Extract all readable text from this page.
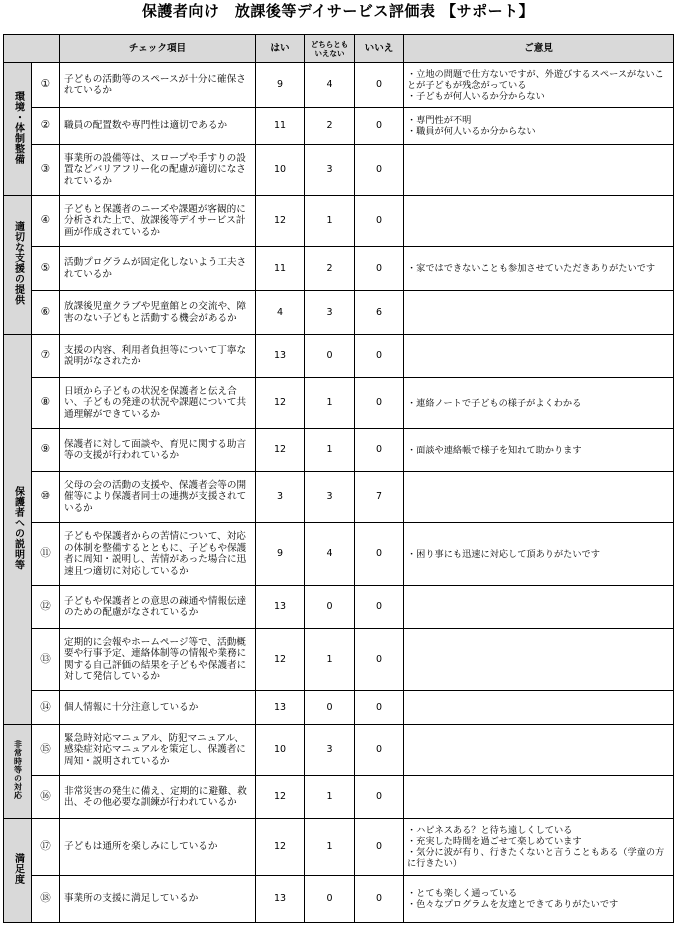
保護者向け　放課後等デイサービス評価表 【サポート】
		チェック項目	はい	どちらとも
いえない	いいえ	ご意見
環境・体制整備	①	子どもの活動等のスペースが十分に確保されているか	9	4	0	・立地の問題で仕方ないですが、外遊びするスペースがないことが子どもが残念がっている
・子どもが何人いるか分からない

	②	職員の配置数や専門性は適切であるか	11	2	0	・専門性が不明
・職員が何人いるか分からない

	③	事業所の設備等は、スロープや手すりの設置などバリアフリー化の配慮が適切になされているか	10	3	0	
適切な支援の提供	④	子どもと保護者のニーズや課題が客観的に分析された上で、放課後等デイサービス計画が作成されているか	12	1	0	
	⑤	活動プログラムが固定化しないよう工夫されているか	11	2	0	・家ではできないことも参加させていただきありがたいです

	⑥	放課後児童クラブや児童館との交流や、障害のない子どもと活動する機会があるか	4	3	6	
保護者への説明等	⑦	支援の内容、利用者負担等について丁寧な説明がなされたか	13	0	0	
	⑧	日頃から子どもの状況を保護者と伝え合い、子どもの発達の状況や課題について共通理解ができているか	12	1	0	・連絡ノートで子どもの様子がよくわかる

	⑨	保護者に対して面談や、育児に関する助言等の支援が行われているか	12	1	0	・面談や連絡帳で様子を知れて助かります

	⑩	父母の会の活動の支援や、保護者会等の開催等により保護者同士の連携が支援されているか	3	3	7	
	⑪	子どもや保護者からの苦情について、対応の体制を整備するとともに、子どもや保護者に周知・説明し、苦情があった場合に迅速且つ適切に対応しているか	9	4	0	・困り事にも迅速に対応して頂ありがたいです

	⑫	子どもや保護者との意思の疎通や情報伝達のための配慮がなされているか	13	0	0	
	⑬	定期的に会報やホームページ等で、活動概要や行事予定、連絡体制等の情報や業務に関する自己評価の結果を子どもや保護者に対して発信しているか	12	1	0	
	⑭	個人情報に十分注意しているか	13	0	0	
非常時等の対応	⑮	緊急時対応マニュアル、防犯マニュアル、感染症対応マニュアルを策定し、保護者に周知・説明されているか	10	3	0	
	⑯	非常災害の発生に備え、定期的に避難、救出、その他必要な訓練が行われているか	12	1	0	
満足度	⑰	子どもは通所を楽しみにしているか	12	1	0	・ハピネスある？と待ち遠しくしている
・充実した時間を過ごせて楽しめています
・気分に波が有り、行きたくないと言うこともある（学童の方に行きたい）

	⑱	事業所の支援に満足しているか	13	0	0	・とても楽しく通っている
・色々なプログラムを友達とできてありがたいです
